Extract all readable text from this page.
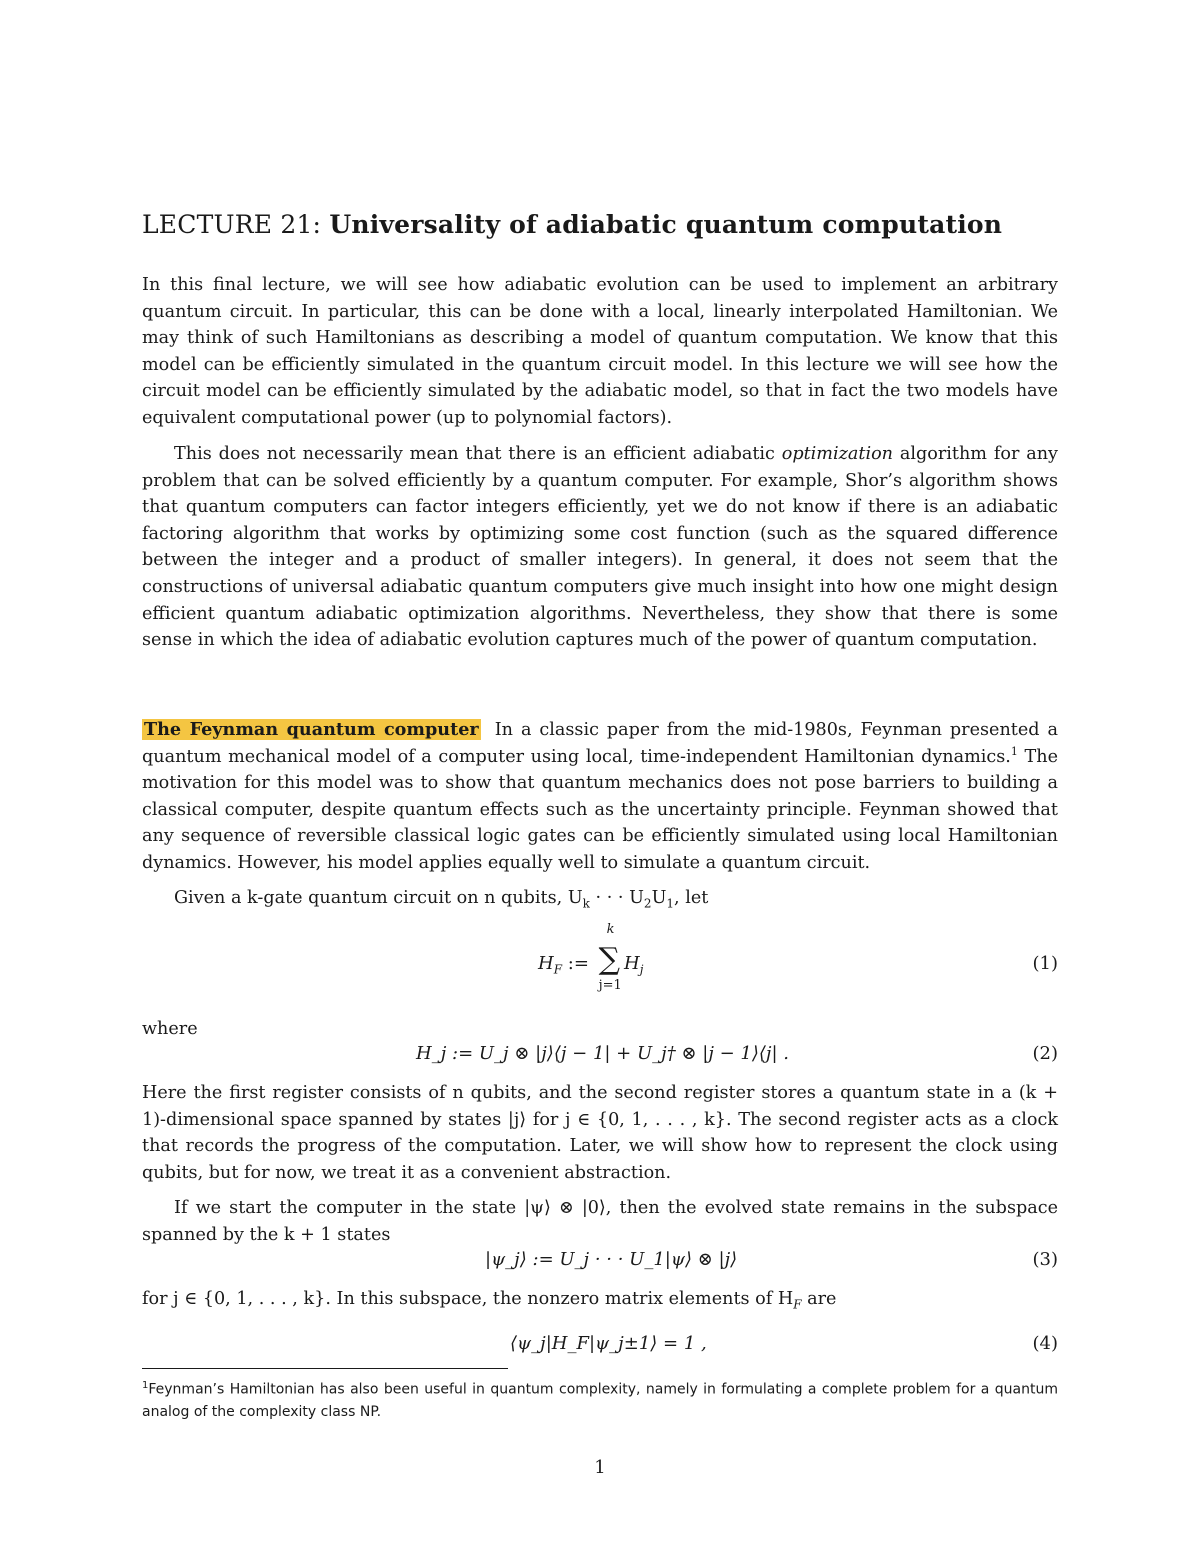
LECTURE 21: Universality of adiabatic quantum computation

In this final lecture, we will see how adiabatic evolution can be used to implement an arbitrary quantum circuit. In particular, this can be done with a local, linearly interpolated Hamiltonian. We may think of such Hamiltonians as describing a model of quantum computation. We know that this model can be efficiently simulated in the quantum circuit model. In this lecture we will see how the circuit model can be efficiently simulated by the adiabatic model, so that in fact the two models have equivalent computational power (up to polynomial factors).

This does not necessarily mean that there is an efficient adiabatic optimization algorithm for any problem that can be solved efficiently by a quantum computer. For example, Shor’s algorithm shows that quantum computers can factor integers efficiently, yet we do not know if there is an adiabatic factoring algorithm that works by optimizing some cost function (such as the squared difference between the integer and a product of smaller integers). In general, it does not seem that the constructions of universal adiabatic quantum computers give much insight into how one might design efficient quantum adiabatic optimization algorithms. Nevertheless, they show that there is some sense in which the idea of adiabatic evolution captures much of the power of quantum computation.

The Feynman quantum computer In a classic paper from the mid-1980s, Feynman presented a quantum mechanical model of a computer using local, time-independent Hamiltonian dynamics.$^1$ The motivation for this model was to show that quantum mechanics does not pose barriers to building a classical computer, despite quantum effects such as the uncertainty principle. Feynman showed that any sequence of reversible classical logic gates can be efficiently simulated using local Hamiltonian dynamics. However, his model applies equally well to simulate a quantum circuit.

Given a k-gate quantum circuit on n qubits, $U_k$ · · · $U_2U_1$, let

$H_F$ := ∑
k
j=1
$H_j$	(1)

where

H_j := U_j ⊗ |j⟩⟨j − 1| + U_j† ⊗ |j − 1⟩⟨j| .	(2)

Here the first register consists of n qubits, and the second register stores a quantum state in a (k + 1)-dimensional space spanned by states |j⟩ for j ∈ {0, 1, . . . , k}. The second register acts as a clock that records the progress of the computation. Later, we will show how to represent the clock using qubits, but for now, we treat it as a convenient abstraction.

If we start the computer in the state |ψ⟩ ⊗ |0⟩, then the evolved state remains in the subspace spanned by the k + 1 states

|ψ_j⟩ := U_j · · · U_1|ψ⟩ ⊗ |j⟩	(3)

for j ∈ {0, 1, . . . , k}. In this subspace, the nonzero matrix elements of $H_F$ are

⟨ψ_j|H_F|ψ_j±1⟩ = 1 ,	(4)
$^1$Feynman’s Hamiltonian has also been useful in quantum complexity, namely in formulating a complete problem for a quantum analog of the complexity class NP.
1
